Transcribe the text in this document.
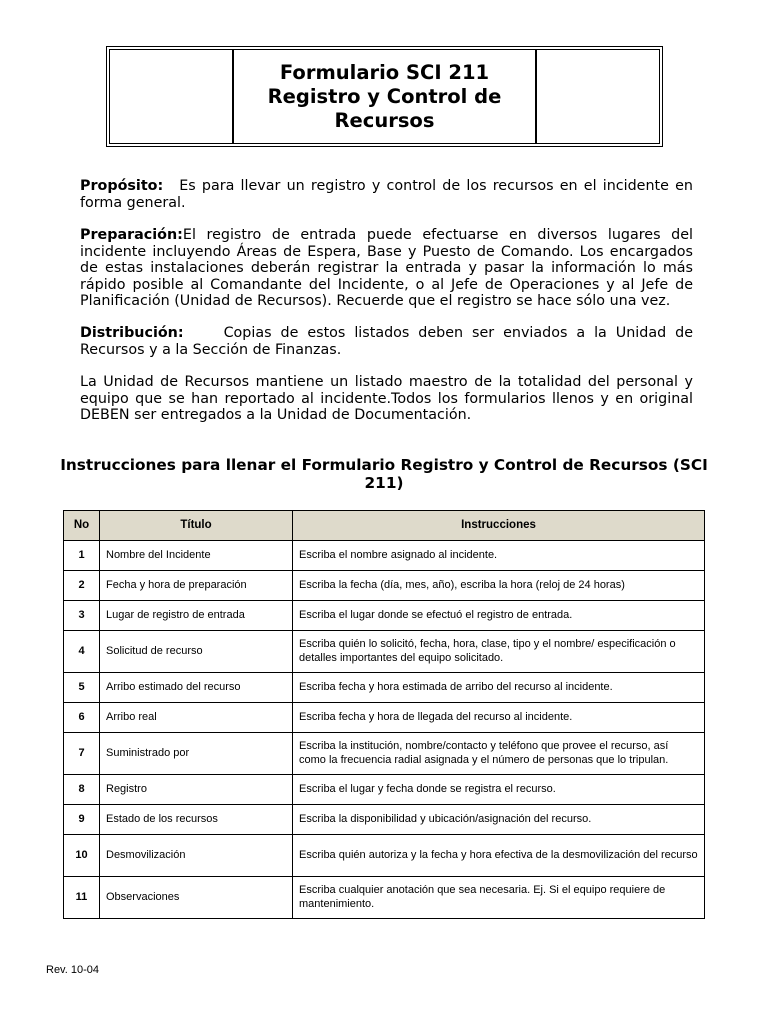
Formulario SCI 211
Registro y Control de
Recursos
Propósito: Es para llevar un registro y control de los recursos en el incidente en forma general.
Preparación:El registro de entrada puede efectuarse en diversos lugares del incidente incluyendo Áreas de Espera, Base y Puesto de Comando. Los encargados de estas instalaciones deberán registrar la entrada y pasar la información lo más rápido posible al Comandante del Incidente, o al Jefe de Operaciones y al Jefe de Planificación (Unidad de Recursos). Recuerde que el registro se hace sólo una vez.
Distribución:	Copias de estos listados deben ser enviados a la Unidad de Recursos y a la Sección de Finanzas.
La Unidad de Recursos mantiene un listado maestro de la totalidad del personal y equipo que se han reportado al incidente.Todos los formularios llenos y en original DEBEN ser entregados a la Unidad de Documentación.
Instrucciones para llenar el Formulario Registro y Control de Recursos (SCI 211)
No	Título	Instrucciones
1	Nombre del Incidente	Escriba el nombre asignado al incidente.
2	Fecha y hora de preparación	Escriba la fecha (día, mes, año), escriba la hora (reloj de 24 horas)
3	Lugar de registro de entrada	Escriba el lugar donde se efectuó el registro de entrada.
4	Solicitud de recurso	Escriba quién lo solicitó, fecha, hora, clase, tipo y el nombre/ especificación o detalles importantes del equipo solicitado.
5	Arribo estimado del recurso	Escriba fecha y hora estimada de arribo del recurso al incidente.
6	Arribo real	Escriba fecha y hora de llegada del recurso al incidente.
7	Suministrado por	Escriba la institución, nombre/contacto y teléfono que provee el recurso, así como la frecuencia radial asignada y el número de personas que lo tripulan.
8	Registro	Escriba el lugar y fecha donde se registra el recurso.
9	Estado de los recursos	Escriba la disponibilidad y ubicación/asignación del recurso.
10	Desmovilización	Escriba quién autoriza y la fecha y hora efectiva de la desmovilización del recurso
11	Observaciones	Escriba cualquier anotación que sea necesaria. Ej. Si el equipo requiere de mantenimiento.
Rev. 10-04
